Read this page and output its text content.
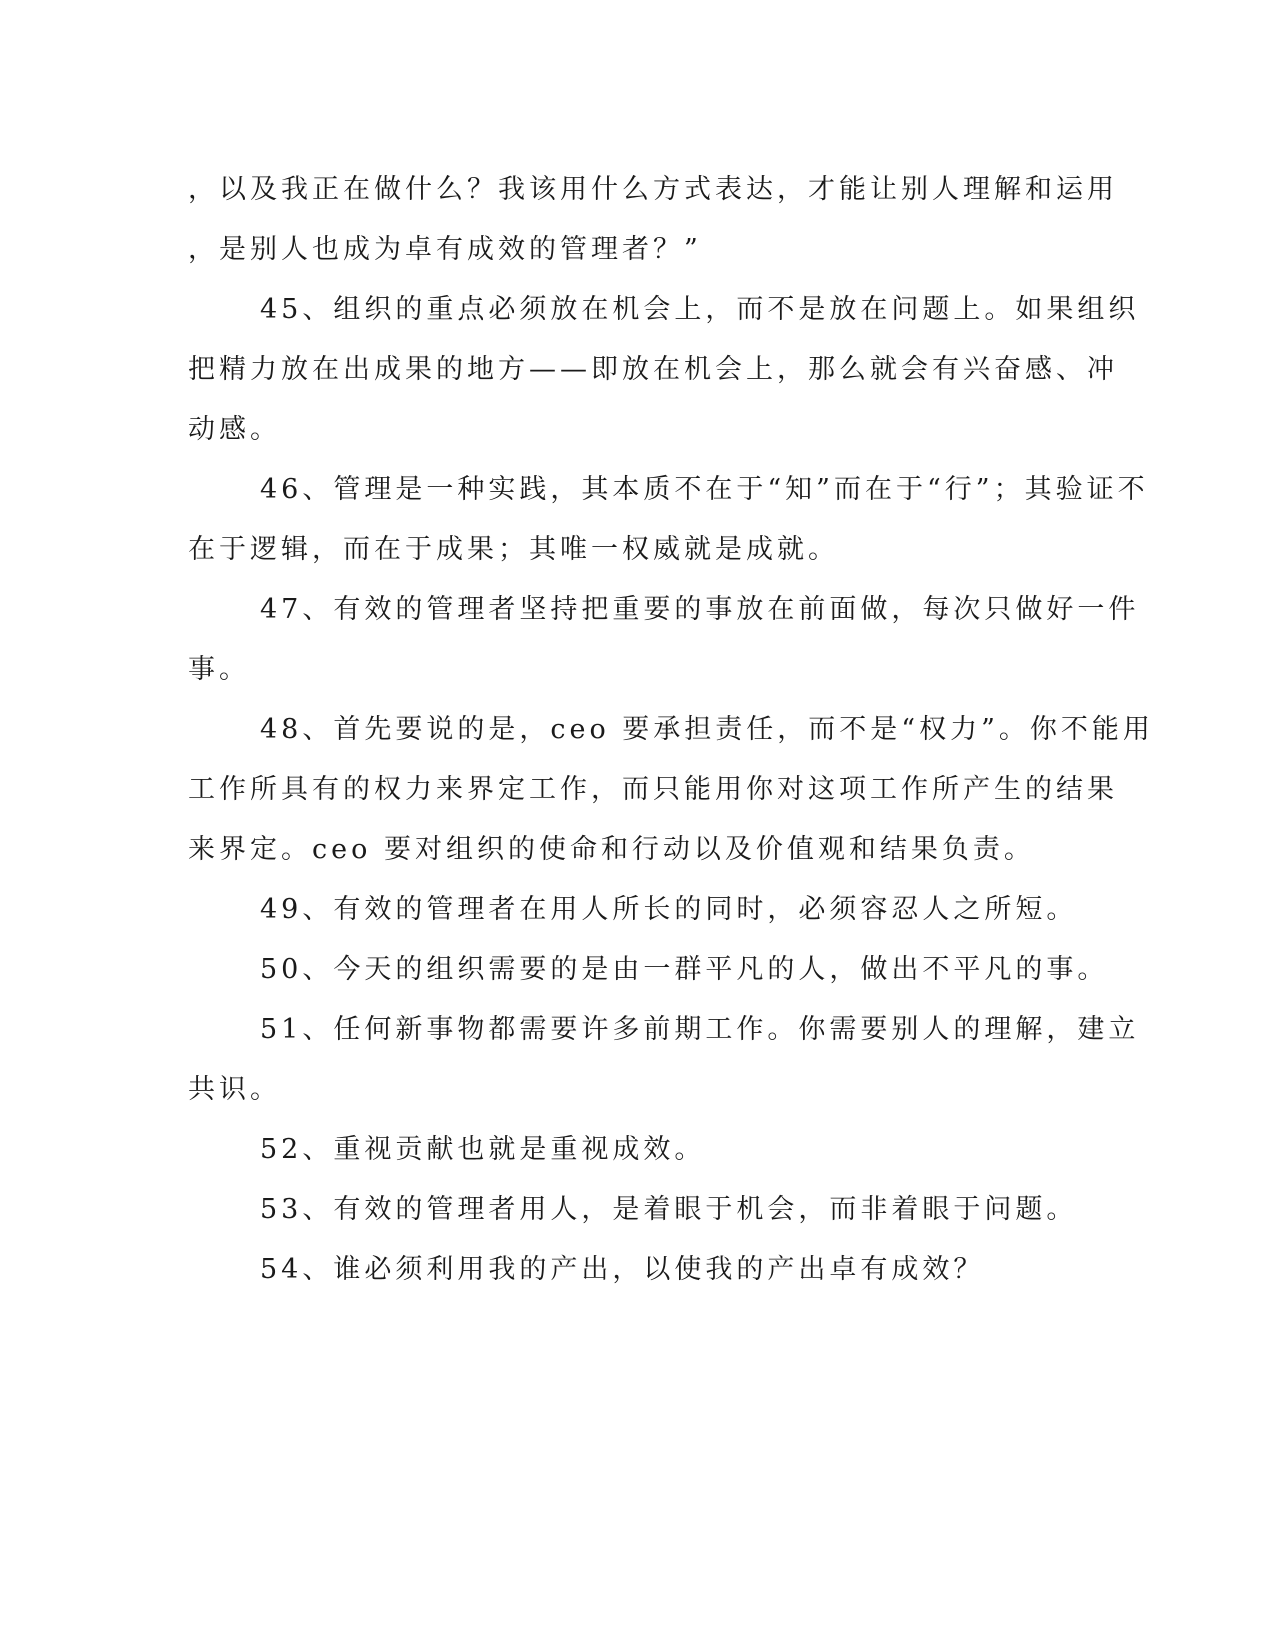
，以及我正在做什么？我该用什么方式表达，才能让别人理解和运用
，是别人也成为卓有成效的管理者？”
45、组织的重点必须放在机会上，而不是放在问题上。如果组织
把精力放在出成果的地方——即放在机会上，那么就会有兴奋感、冲
动感。
46、管理是一种实践，其本质不在于“知”而在于“行”；其验证不
在于逻辑，而在于成果；其唯一权威就是成就。
47、有效的管理者坚持把重要的事放在前面做，每次只做好一件
事。
48、首先要说的是，ceo 要承担责任，而不是“权力”。你不能用
工作所具有的权力来界定工作，而只能用你对这项工作所产生的结果
来界定。ceo 要对组织的使命和行动以及价值观和结果负责。
49、有效的管理者在用人所长的同时，必须容忍人之所短。
50、今天的组织需要的是由一群平凡的人，做出不平凡的事。
51、任何新事物都需要许多前期工作。你需要别人的理解，建立
共识。
52、重视贡献也就是重视成效。
53、有效的管理者用人，是着眼于机会，而非着眼于问题。
54、谁必须利用我的产出，以使我的产出卓有成效？
